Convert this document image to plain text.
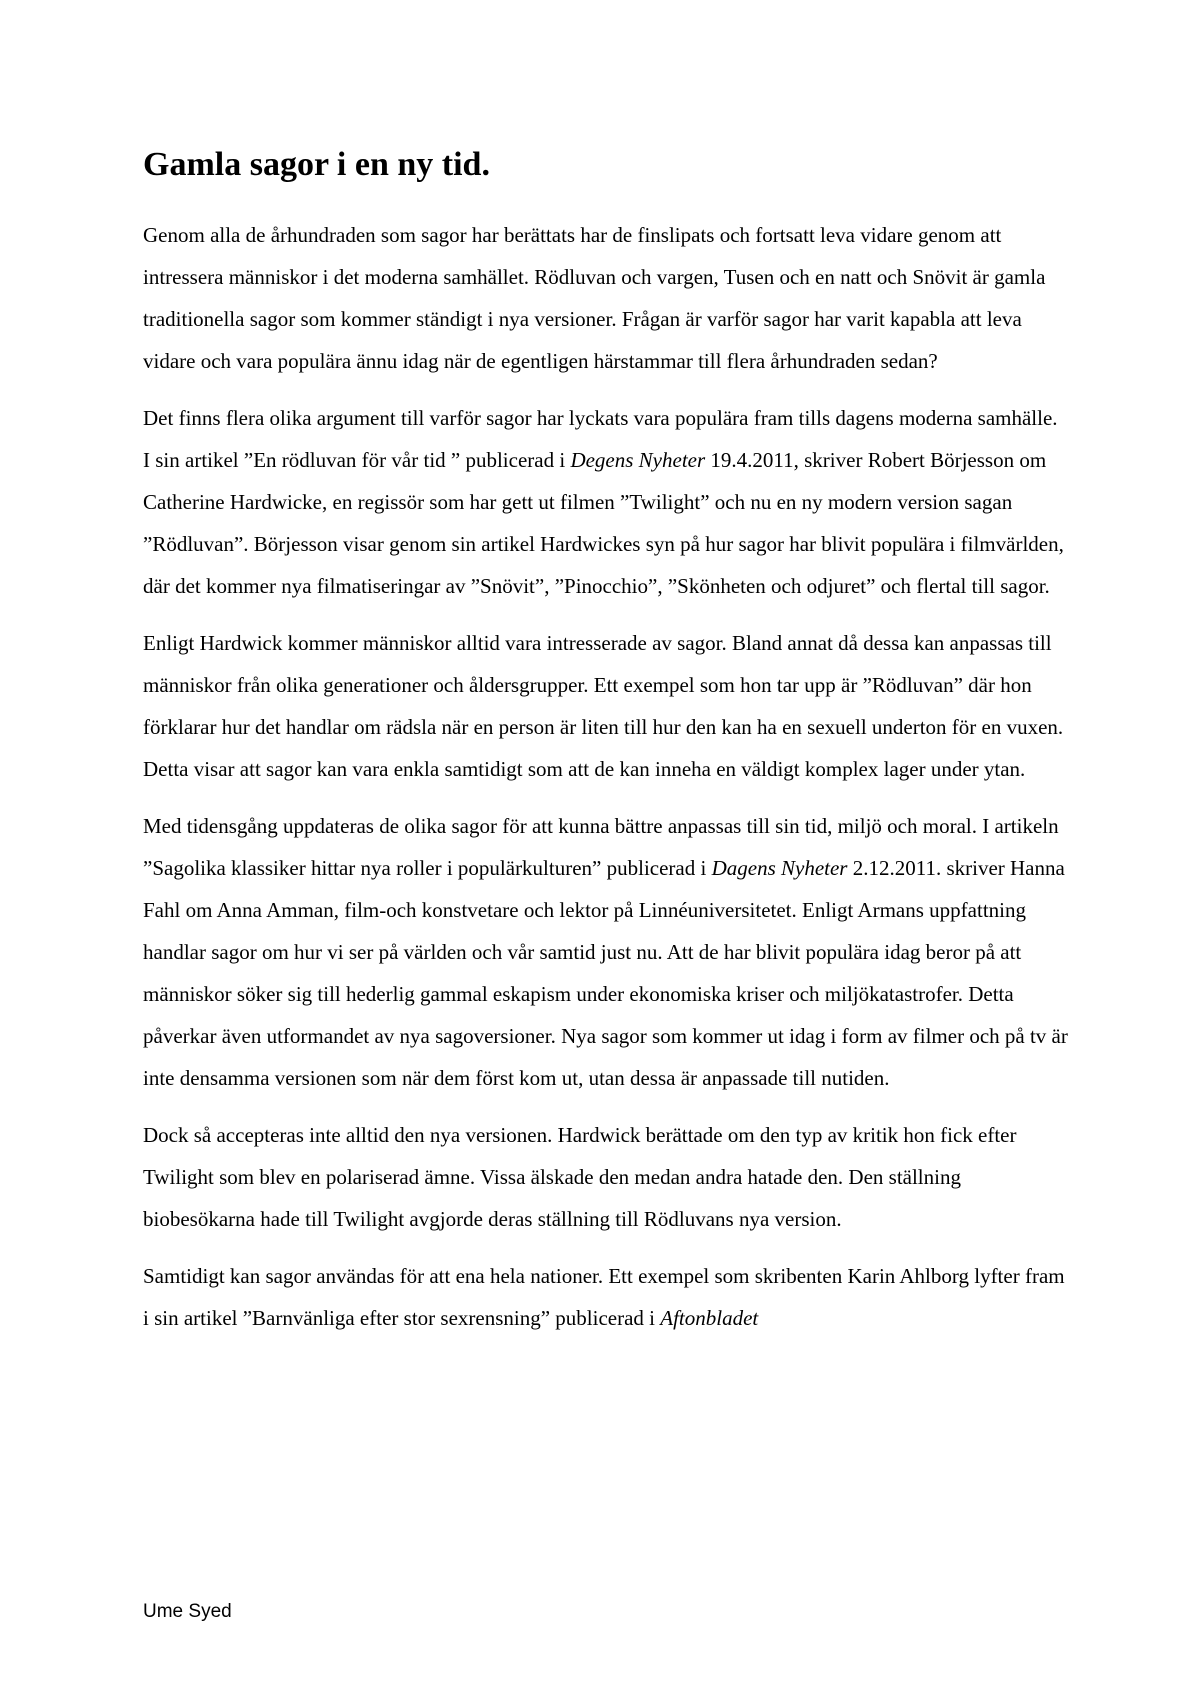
Gamla sagor i en ny tid.

Genom alla de århundraden som sagor har berättats har de finslipats och fortsatt leva vidare genom att intressera människor i det moderna samhället. Rödluvan och vargen, Tusen och en natt och Snövit är gamla traditionella sagor som kommer ständigt i nya versioner. Frågan är varför sagor har varit kapabla att leva vidare och vara populära ännu idag när de egentligen härstammar till flera århundraden sedan?

Det finns flera olika argument till varför sagor har lyckats vara populära fram tills dagens moderna samhälle. I sin artikel ”En rödluvan för vår tid ” publicerad i Degens Nyheter 19.4.2011, skriver Robert Börjesson om Catherine Hardwicke, en regissör som har gett ut filmen ”Twilight” och nu en ny modern version sagan ”Rödluvan”. Börjesson visar genom sin artikel Hardwickes syn på hur sagor har blivit populära i filmvärlden, där det kommer nya filmatiseringar av ”Snövit”, ”Pinocchio”, ”Skönheten och odjuret” och flertal till sagor.

Enligt Hardwick kommer människor alltid vara intresserade av sagor. Bland annat då dessa kan anpassas till människor från olika generationer och åldersgrupper. Ett exempel som hon tar upp är ”Rödluvan” där hon förklarar hur det handlar om rädsla när en person är liten till hur den kan ha en sexuell underton för en vuxen. Detta visar att sagor kan vara enkla samtidigt som att de kan inneha en väldigt komplex lager under ytan.

Med tidensgång uppdateras de olika sagor för att kunna bättre anpassas till sin tid, miljö och moral. I artikeln ”Sagolika klassiker hittar nya roller i populärkulturen” publicerad i Dagens Nyheter 2.12.2011. skriver Hanna Fahl om Anna Amman, film-och konstvetare och lektor på Linnéuniversitetet. Enligt Armans uppfattning handlar sagor om hur vi ser på världen och vår samtid just nu. Att de har blivit populära idag beror på att människor söker sig till hederlig gammal eskapism under ekonomiska kriser och miljökatastrofer. Detta påverkar även utformandet av nya sagoversioner. Nya sagor som kommer ut idag i form av filmer och på tv är inte densamma versionen som när dem först kom ut, utan dessa är anpassade till nutiden.

Dock så accepteras inte alltid den nya versionen. Hardwick berättade om den typ av kritik hon fick efter Twilight som blev en polariserad ämne. Vissa älskade den medan andra hatade den. Den ställning biobesökarna hade till Twilight avgjorde deras ställning till Rödluvans nya version.

Samtidigt kan sagor användas för att ena hela nationer. Ett exempel som skribenten Karin Ahlborg lyfter fram i sin artikel ”Barnvänliga efter stor sexrensning” publicerad i Aftonbladet

Ume Syed
